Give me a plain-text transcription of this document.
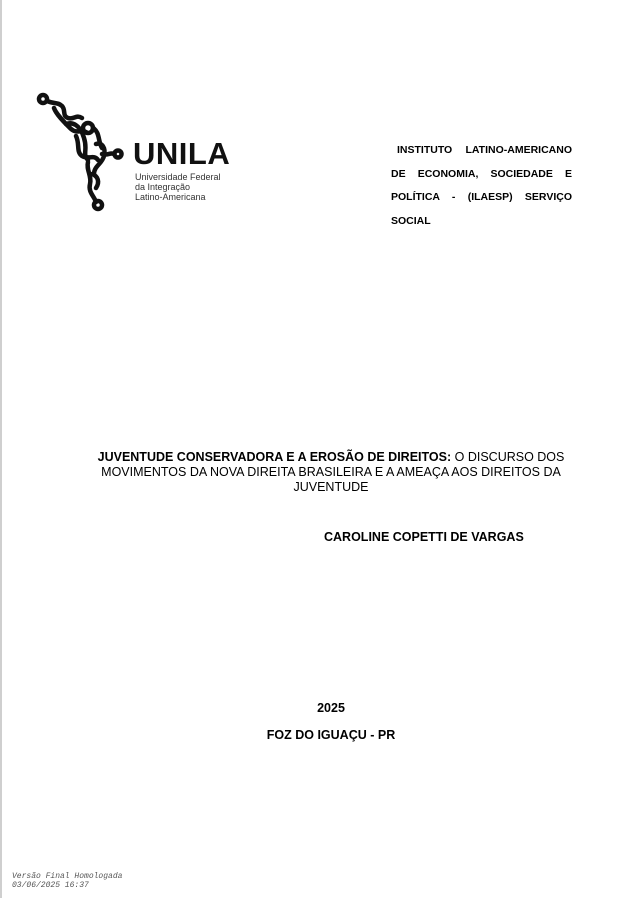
UNILA
Universidade Federal
da Integração
Latino-Americana
INSTITUTO LATINO-AMERICANO DE ECONOMIA, SOCIEDADE E POLÍTICA - (ILAESP) SERVIÇO SOCIAL
JUVENTUDE CONSERVADORA E A EROSÃO DE DIREITOS: O DISCURSO DOS MOVIMENTOS DA NOVA DIREITA BRASILEIRA E A AMEAÇA AOS DIREITOS DA JUVENTUDE
CAROLINE COPETTI DE VARGAS
2025
FOZ DO IGUAÇU - PR
Versão Final Homologada
03/06/2025 16:37
